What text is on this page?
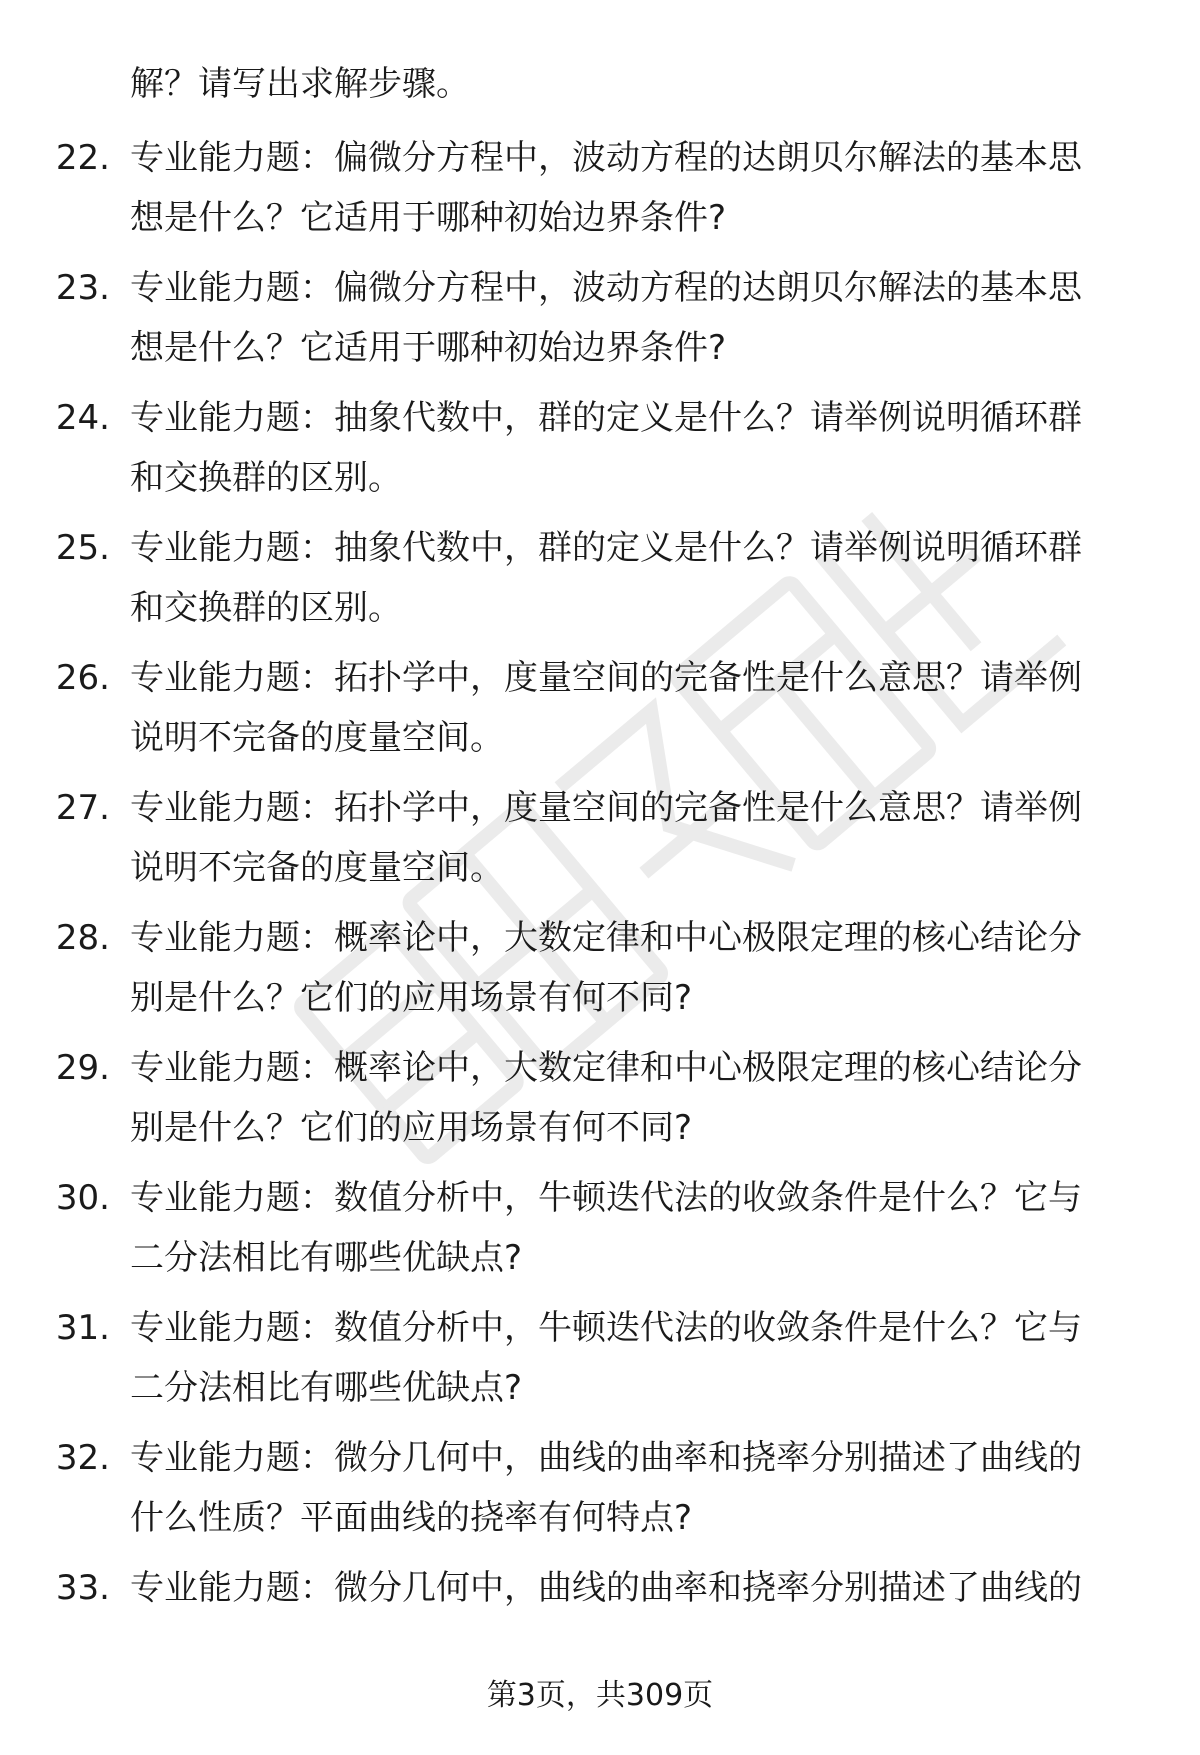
解？请写出求解步骤。
22. 专业能力题：偏微分方程中，波动方程的达朗贝尔解法的基本思
想是什么？它适用于哪种初始边界条件?
23. 专业能力题：偏微分方程中，波动方程的达朗贝尔解法的基本思
想是什么？它适用于哪种初始边界条件?
24. 专业能力题：抽象代数中，群的定义是什么？请举例说明循环群
和交换群的区别。
25. 专业能力题：抽象代数中，群的定义是什么？请举例说明循环群
和交换群的区别。
26. 专业能力题：拓扑学中，度量空间的完备性是什么意思？请举例
说明不完备的度量空间。
27. 专业能力题：拓扑学中，度量空间的完备性是什么意思？请举例
说明不完备的度量空间。
28. 专业能力题：概率论中，大数定律和中心极限定理的核心结论分
别是什么？它们的应用场景有何不同?
29. 专业能力题：概率论中，大数定律和中心极限定理的核心结论分
别是什么？它们的应用场景有何不同?
30. 专业能力题：数值分析中，牛顿迭代法的收敛条件是什么？它与
二分法相比有哪些优缺点?
31. 专业能力题：数值分析中，牛顿迭代法的收敛条件是什么？它与
二分法相比有哪些优缺点?
32. 专业能力题：微分几何中，曲线的曲率和挠率分别描述了曲线的
什么性质？平面曲线的挠率有何特点?
33. 专业能力题：微分几何中，曲线的曲率和挠率分别描述了曲线的
第3页，共309页
